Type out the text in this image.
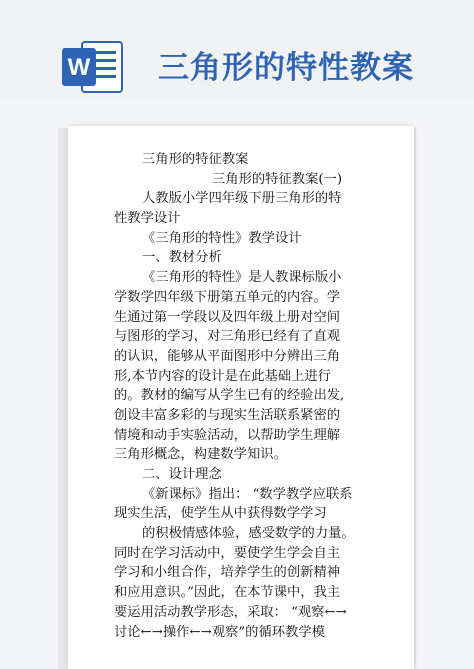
W 三角形的特性教案
三角形的特征教案
三角形的特征教案(一)
人教版小学四年级下册三角形的特
性教学设计
《三角形的特性》教学设计
一、教材分析
《三角形的特性》是人教课标版小
学数学四年级下册第五单元的内容。学
生通过第一学段以及四年级上册对空间
与图形的学习，对三角形已经有了直观
的认识，能够从平面图形中分辨出三角
形,本节内容的设计是在此基础上进行
的。教材的编写从学生已有的经验出发,
创设丰富多彩的与现实生活联系紧密的
情境和动手实验活动，以帮助学生理解
三角形概念，构建数学知识。
二、设计理念
《新课标》指出： “数学教学应联系
现实生活，使学生从中获得数学学习
的积极情感体验，感受数学的力量。
同时在学习活动中，要使学生学会自主
学习和小组合作，培养学生的创新精神
和应用意识。”因此，在本节课中，我主
要运用活动教学形态，采取： “观察←→
讨论←→操作←→观察”的循环教学模
